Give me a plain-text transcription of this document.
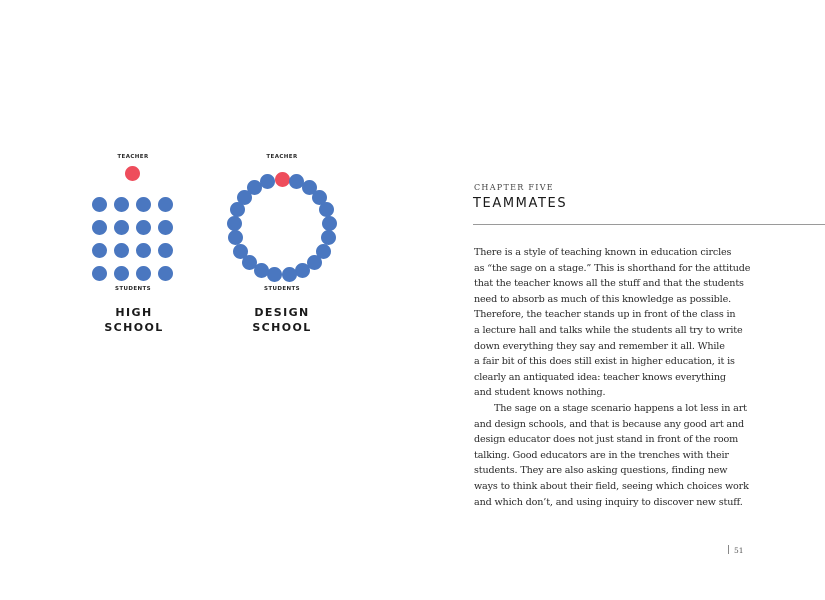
TEACHER
STUDENTS
HIGH
SCHOOL
TEACHER
STUDENTS
DESIGN
SCHOOL
CHAPTER FIVE
TEAMMATES
There is a style of teaching known in education circles
as “the sage on a stage.” This is shorthand for the attitude
that the teacher knows all the stuff and that the students
need to absorb as much of this knowledge as possible.
Therefore, the teacher stands up in front of the class in
a lecture hall and talks while the students all try to write
down everything they say and remember it all. While
a fair bit of this does still exist in higher education, it is
clearly an antiquated idea: teacher knows everything
and student knows nothing.
The sage on a stage scenario happens a lot less in art
and design schools, and that is because any good art and
design educator does not just stand in front of the room
talking. Good educators are in the trenches with their
students. They are also asking questions, finding new
ways to think about their field, seeing which choices work
and which don’t, and using inquiry to discover new stuff.
51
